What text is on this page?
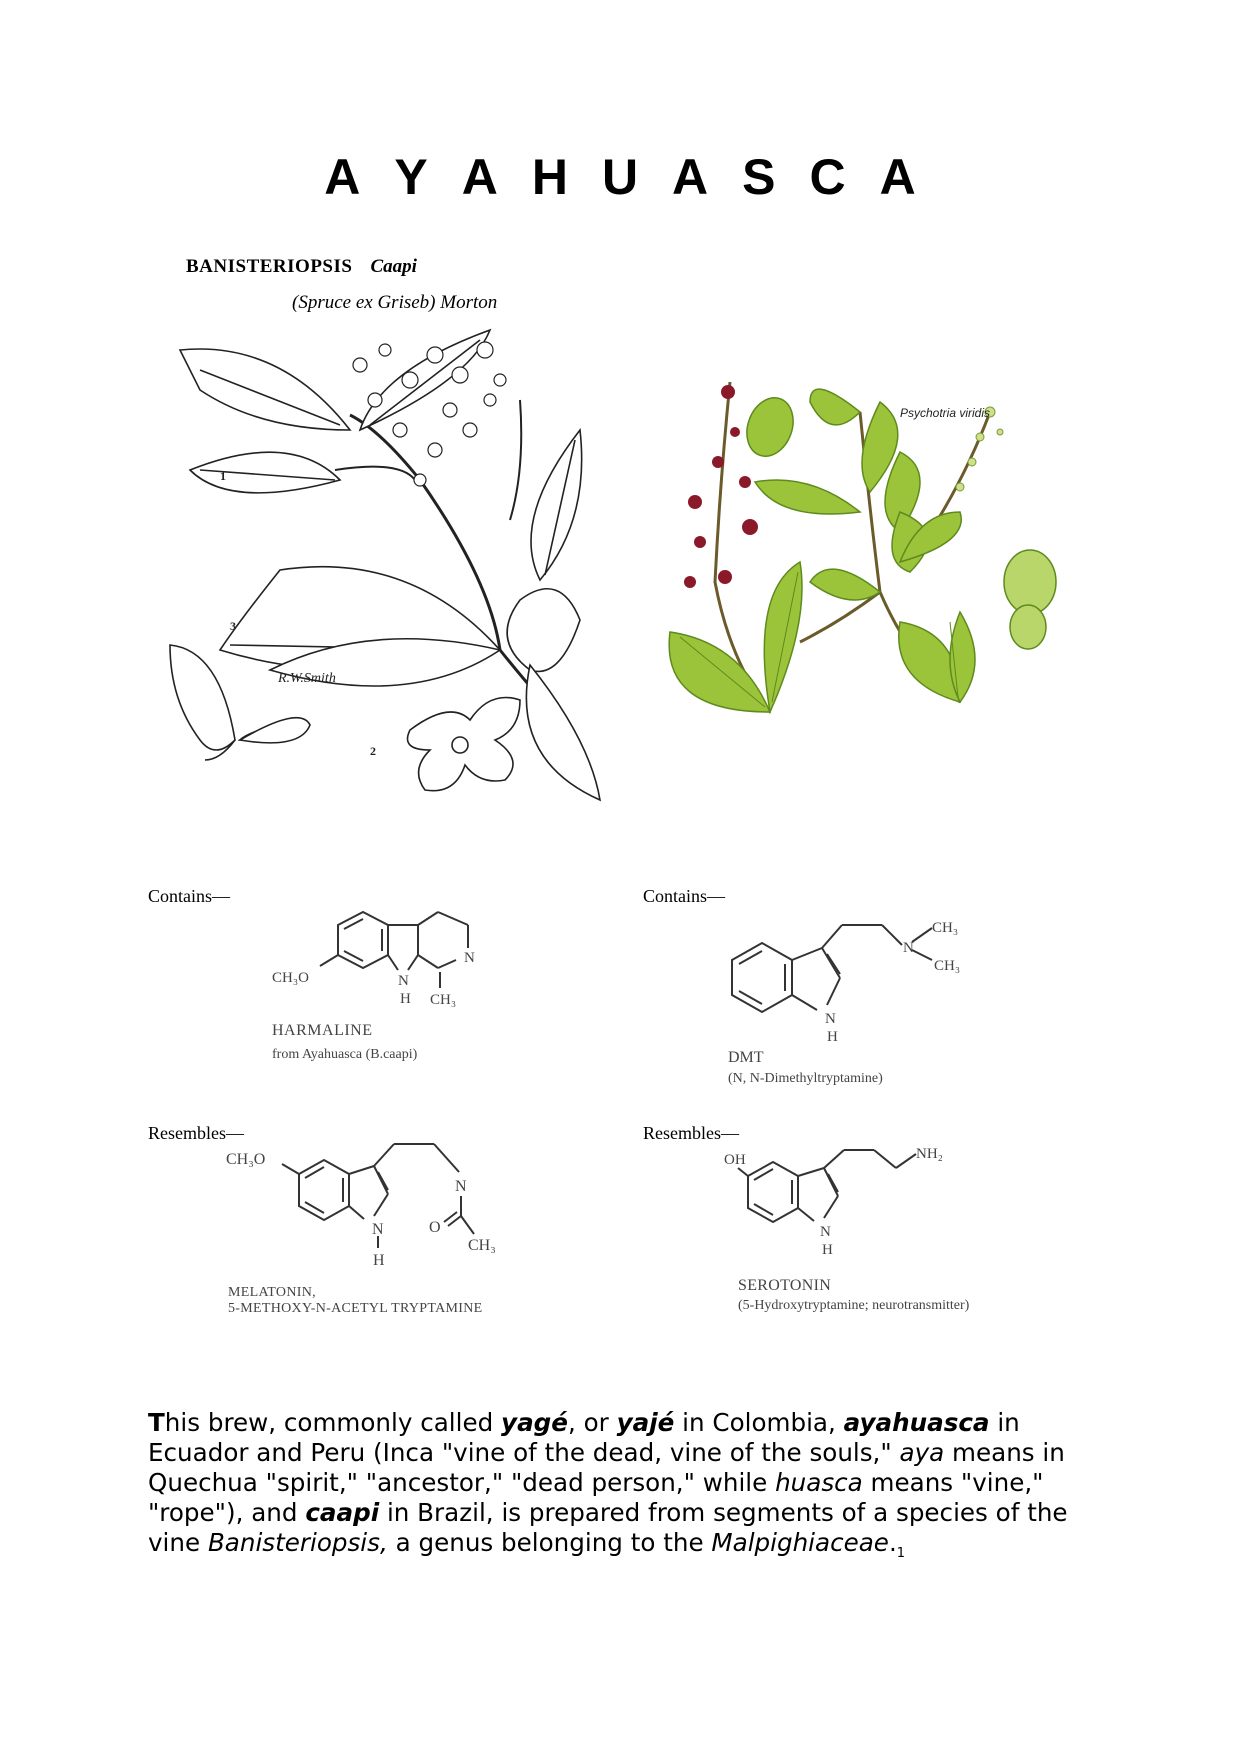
A Y A H U A S C A
BANISTERIOPSIS Caapi
(Spruce ex Griseb) Morton
1
2
3
R.W.Smith
Psychotria viridis
Contains—	Contains—
Resembles—	Resembles—
CH₃O	N
H
N
CH₃
HARMALINE
from Ayahuasca (B.caapi)
N
H
N
CH₃
CH₃
DMT
(N, N-Dimethyltryptamine)
CH₃O
N
H
N
O
CH₃
MELATONIN,
5-METHOXY-N-ACETYL TRYPTAMINE
OH	NH₂
N
H
SEROTONIN
(5-Hydroxytryptamine; neurotransmitter)
This brew, commonly called yagé, or yajé in Colombia, ayahuasca in Ecuador and Peru (Inca "vine of the dead, vine of the souls," aya means in Quechua "spirit," "ancestor," "dead person," while huasca means "vine," "rope"), and caapi in Brazil, is prepared from segments of a species of the vine Banisteriopsis, a genus belonging to the $Malpighiaceae._1$
